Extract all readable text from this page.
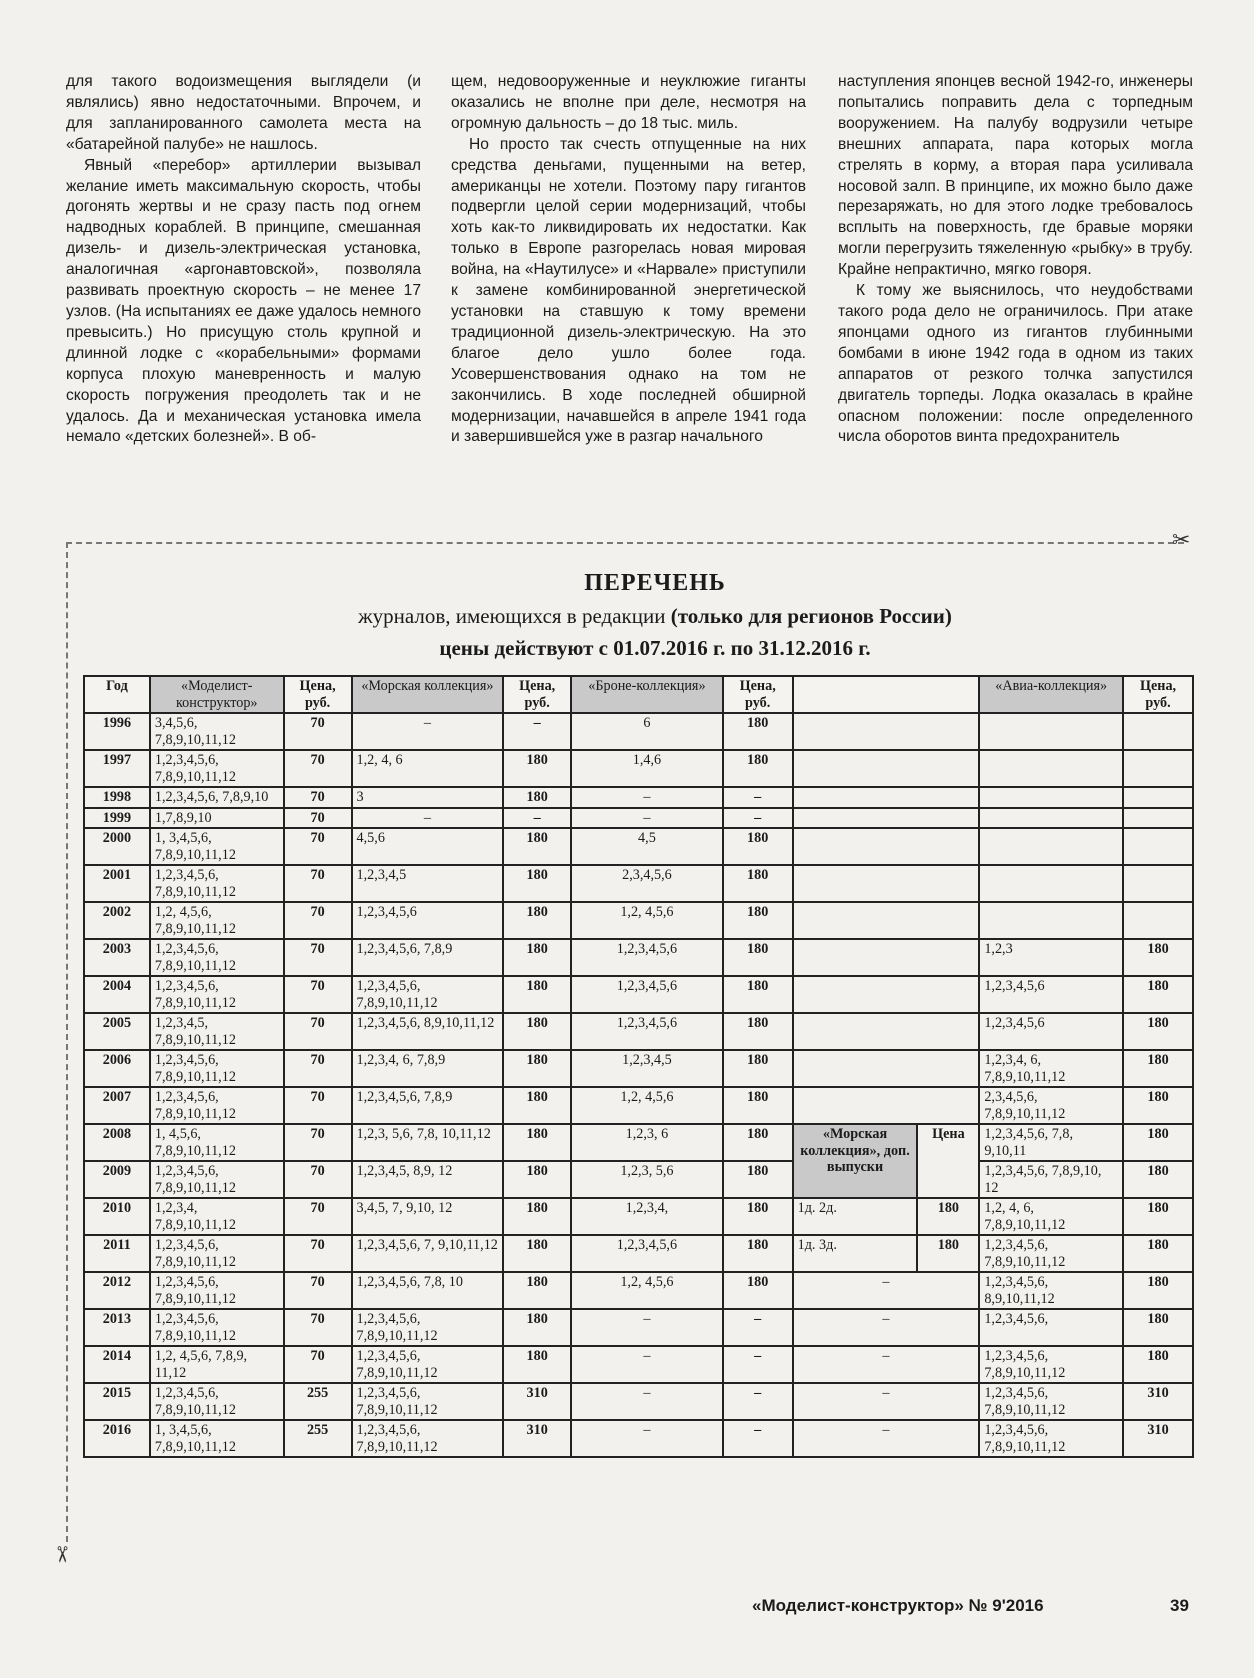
для такого водоизмещения выглядели (и являлись) явно недостаточными. Впрочем, и для запланированного самолета места на «батарейной палубе» не нашлось.

Явный «перебор» артиллерии вызывал желание иметь максимальную скорость, чтобы догонять жертвы и не сразу пасть под огнем надводных кораблей. В принципе, смешанная дизель- и дизель-электрическая установка, аналогичная «аргонавтовской», позволяла развивать проектную скорость – не менее 17 узлов. (На испытаниях ее даже удалось немного превысить.) Но присущую столь крупной и длинной лодке с «корабельными» формами корпуса плохую маневренность и малую скорость погружения преодолеть так и не удалось. Да и механическая установка имела немало «детских болезней». В об-

щем, недовооруженные и неуклюжие гиганты оказались не вполне при деле, несмотря на огромную дальность – до 18 тыс. миль.

Но просто так счесть отпущенные на них средства деньгами, пущенными на ветер, американцы не хотели. Поэтому пару гигантов подвергли целой серии модернизаций, чтобы хоть как-то ликвидировать их недостатки. Как только в Европе разгорелась новая мировая война, на «Наутилусе» и «Нарвале» приступили к замене комбинированной энергетической установки на ставшую к тому времени традиционной дизель-электрическую. На это благое дело ушло более года. Усовершенствования однако на том не закончились. В ходе последней обширной модернизации, начавшейся в апреле 1941 года и завершившейся уже в разгар начального

наступления японцев весной 1942-го, инженеры попытались поправить дела с торпедным вооружением. На палубу водрузили четыре внешних аппарата, пара которых могла стрелять в корму, а вторая пара усиливала носовой залп. В принципе, их можно было даже перезаряжать, но для этого лодке требовалось всплыть на поверхность, где бравые моряки могли перегрузить тяжеленную «рыбку» в трубу. Крайне непрактично, мягко говоря.

К тому же выяснилось, что неудобствами такого рода дело не ограничилось. При атаке японцами одного из гигантов глубинными бомбами в июне 1942 года в одном из таких аппаратов от резкого толчка запустился двигатель торпеды. Лодка оказалась в крайне опасном положении: после определенного числа оборотов винта предохранитель

✂
✂
ПЕРЕЧЕНЬ
журналов, имеющихся в редакции (только для регионов России)
цены действуют с 01.07.2016 г. по 31.12.2016 г.
Год	«Моделист-конструктор»	Цена, руб.	«Морская коллекция»	Цена, руб.	«Броне-коллекция»	Цена, руб.			«Авиа-коллекция»	Цена, руб.
1996	3,4,5,6, 7,8,9,10,11,12	70	–	–	6	180				
1997	1,2,3,4,5,6, 7,8,9,10,11,12	70	1,2, 4, 6	180	1,4,6	180				
1998	1,2,3,4,5,6, 7,8,9,10	70	3	180	–	–				
1999	1,7,8,9,10	70	–	–	–	–				
2000	1, 3,4,5,6, 7,8,9,10,11,12	70	4,5,6	180	4,5	180				
2001	1,2,3,4,5,6, 7,8,9,10,11,12	70	1,2,3,4,5	180	2,3,4,5,6	180				
2002	1,2, 4,5,6, 7,8,9,10,11,12	70	1,2,3,4,5,6	180	1,2, 4,5,6	180				
2003	1,2,3,4,5,6, 7,8,9,10,11,12	70	1,2,3,4,5,6, 7,8,9	180	1,2,3,4,5,6	180			1,2,3	180
2004	1,2,3,4,5,6, 7,8,9,10,11,12	70	1,2,3,4,5,6, 7,8,9,10,11,12	180	1,2,3,4,5,6	180			1,2,3,4,5,6	180
2005	1,2,3,4,5, 7,8,9,10,11,12	70	1,2,3,4,5,6, 8,9,10,11,12	180	1,2,3,4,5,6	180			1,2,3,4,5,6	180
2006	1,2,3,4,5,6, 7,8,9,10,11,12	70	1,2,3,4, 6, 7,8,9	180	1,2,3,4,5	180			1,2,3,4, 6, 7,8,9,10,11,12	180
2007	1,2,3,4,5,6, 7,8,9,10,11,12	70	1,2,3,4,5,6, 7,8,9	180	1,2, 4,5,6	180			2,3,4,5,6, 7,8,9,10,11,12	180
2008	1, 4,5,6, 7,8,9,10,11,12	70	1,2,3, 5,6, 7,8, 10,11,12	180	1,2,3, 6	180	«Морская коллекция», доп. выпуски	Цена	1,2,3,4,5,6, 7,8, 9,10,11	180
2009	1,2,3,4,5,6, 7,8,9,10,11,12	70	1,2,3,4,5, 8,9, 12	180	1,2,3, 5,6	180			1,2,3,4,5,6, 7,8,9,10, 12	180
2010	1,2,3,4, 7,8,9,10,11,12	70	3,4,5, 7, 9,10, 12	180	1,2,3,4,	180	1д. 2д.	180	1,2, 4, 6, 7,8,9,10,11,12	180
2011	1,2,3,4,5,6, 7,8,9,10,11,12	70	1,2,3,4,5,6, 7, 9,10,11,12	180	1,2,3,4,5,6	180	1д. 3д.	180	1,2,3,4,5,6, 7,8,9,10,11,12	180
2012	1,2,3,4,5,6, 7,8,9,10,11,12	70	1,2,3,4,5,6, 7,8, 10	180	1,2, 4,5,6	180	–		1,2,3,4,5,6, 8,9,10,11,12	180
2013	1,2,3,4,5,6, 7,8,9,10,11,12	70	1,2,3,4,5,6, 7,8,9,10,11,12	180	–	–	–		1,2,3,4,5,6,	180
2014	1,2, 4,5,6, 7,8,9, 11,12	70	1,2,3,4,5,6, 7,8,9,10,11,12	180	–	–	–		1,2,3,4,5,6, 7,8,9,10,11,12	180
2015	1,2,3,4,5,6, 7,8,9,10,11,12	255	1,2,3,4,5,6, 7,8,9,10,11,12	310	–	–	–		1,2,3,4,5,6, 7,8,9,10,11,12	310
2016	1, 3,4,5,6, 7,8,9,10,11,12	255	1,2,3,4,5,6, 7,8,9,10,11,12	310	–	–	–		1,2,3,4,5,6, 7,8,9,10,11,12	310
«Моделист-конструктор» № 9'2016	39
